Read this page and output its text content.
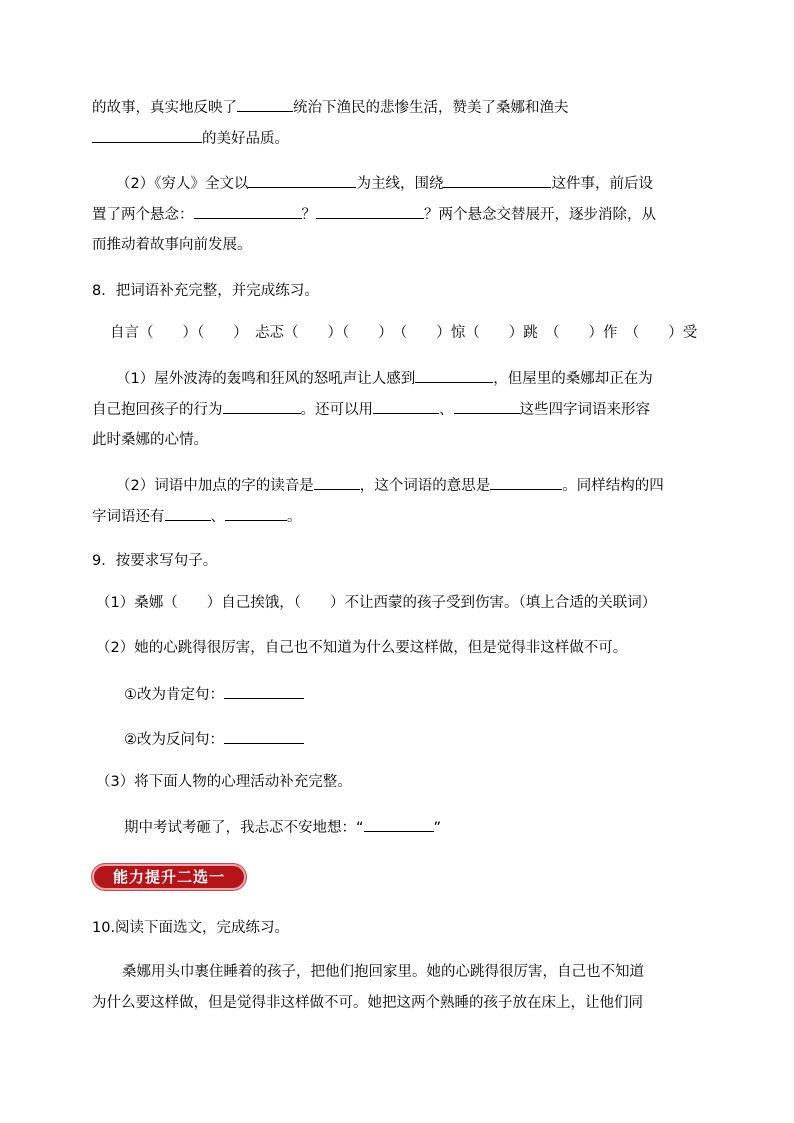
的故事，真实地反映了	统治下渔民的悲惨生活，赞美了桑娜和渔夫
的美好品质。
（2）《穷人》全文以	为主线，围绕	这件事，前后设
置了两个悬念：	？	？两个悬念交替展开，逐步消除，从
而推动着故事向前发展。
8．把词语补充完整，并完成练习。
自言（　　）（　　）　忐忑（　　）（　　）　（　　）惊（　　）跳　（　　）作　（　　）受
（1）屋外波涛的轰鸣和狂风的怒吼声让人感到	，但屋里的桑娜却正在为
自己抱回孩子的行为	。还可以用	、	这些四字词语来形容
此时桑娜的心情。
（2）词语中加点的字的读音是	，这个词语的意思是	。同样结构的四
字词语还有	、	。
9．按要求写句子。
（1）桑娜（　　）自己挨饿，（　　）不让西蒙的孩子受到伤害。（填上合适的关联词）
（2）她的心跳得很厉害，自己也不知道为什么要这样做，但是觉得非这样做不可。
①改为肯定句：
②改为反问句：
（3）将下面人物的心理活动补充完整。
期中考试考砸了，我忐忑不安地想：“	”
能力提升二选一
10.阅读下面选文，完成练习。
桑娜用头巾裹住睡着的孩子，把他们抱回家里。她的心跳得很厉害，自己也不知道
为什么要这样做，但是觉得非这样做不可。她把这两个熟睡的孩子放在床上，让他们同
